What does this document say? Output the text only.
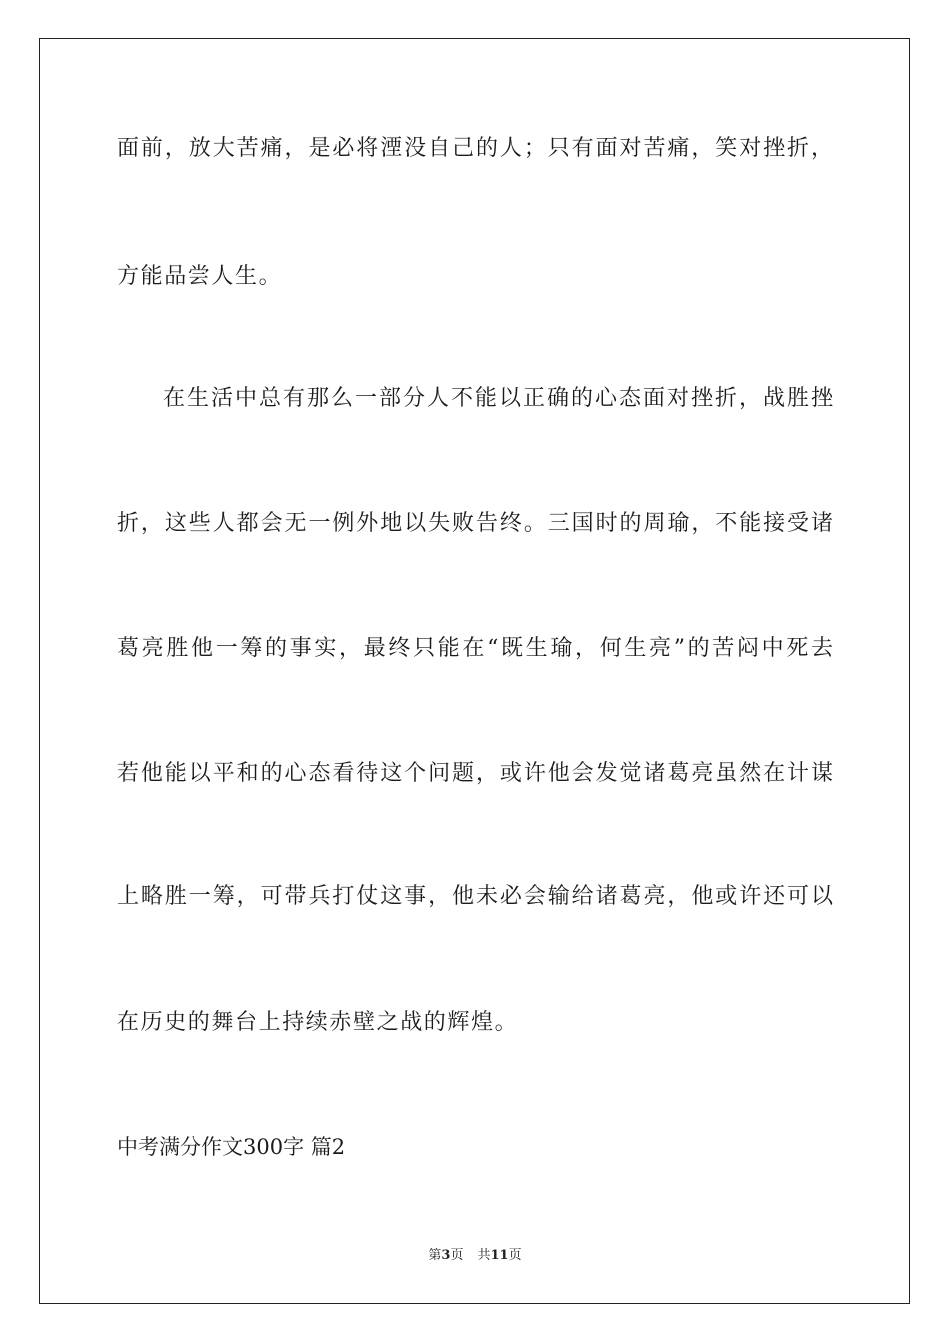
面前，放大苦痛，是必将湮没自己的人；只有面对苦痛，笑对挫折，
方能品尝人生。
在生活中总有那么一部分人不能以正确的心态面对挫折，战胜挫
折，这些人都会无一例外地以失败告终。三国时的周瑜，不能接受诸
葛亮胜他一筹的事实，最终只能在“既生瑜，何生亮”的苦闷中死去
若他能以平和的心态看待这个问题，或许他会发觉诸葛亮虽然在计谋
上略胜一筹，可带兵打仗这事，他未必会输给诸葛亮，他或许还可以
在历史的舞台上持续赤壁之战的辉煌。
中考满分作文300字 篇2
第3页 共11页
